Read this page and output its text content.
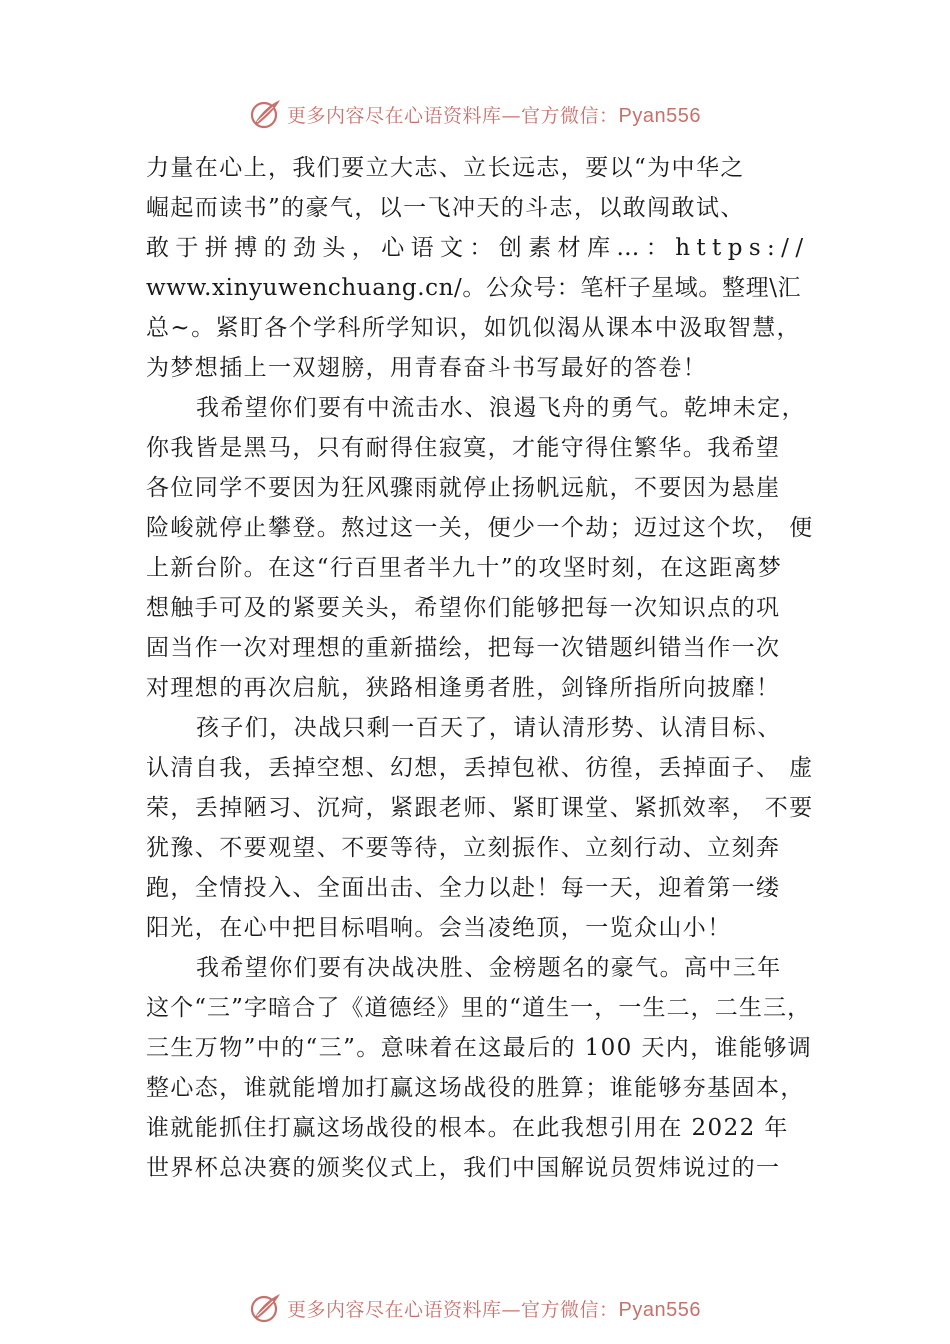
更多内容尽在心语资料库—官方微信：Pyan556
力量在心上，我们要立大志、立长远志，要以“为中华之
崛起而读书”的豪气，以一飞冲天的斗志，以敢闯敢试、
敢于拼搏的劲头，心语文：创素材库…：https://
www.xinyuwenchuang.cn/。公众号：笔杆子星域。整理\汇
总~。紧盯各个学科所学知识，如饥似渴从课本中汲取智慧，
为梦想插上一双翅膀，用青春奋斗书写最好的答卷！
我希望你们要有中流击水、浪遏飞舟的勇气。乾坤未定，
你我皆是黑马，只有耐得住寂寞，才能守得住繁华。我希望
各位同学不要因为狂风骤雨就停止扬帆远航，不要因为悬崖
险峻就停止攀登。熬过这一关，便少一个劫；迈过这个坎， 便
上新台阶。在这“行百里者半九十”的攻坚时刻，在这距离梦
想触手可及的紧要关头，希望你们能够把每一次知识点的巩
固当作一次对理想的重新描绘，把每一次错题纠错当作一次
对理想的再次启航，狭路相逢勇者胜，剑锋所指所向披靡！
孩子们，决战只剩一百天了，请认清形势、认清目标、
认清自我，丢掉空想、幻想，丢掉包袱、彷徨，丢掉面子、 虚
荣，丢掉陋习、沉疴，紧跟老师、紧盯课堂、紧抓效率， 不要
犹豫、不要观望、不要等待，立刻振作、立刻行动、立刻奔
跑，全情投入、全面出击、全力以赴！每一天，迎着第一缕
阳光，在心中把目标唱响。会当凌绝顶，一览众山小！
我希望你们要有决战决胜、金榜题名的豪气。高中三年
这个“三”字暗合了《道德经》里的“道生一，一生二，二生三，
三生万物”中的“三”。意味着在这最后的 100 天内，谁能够调
整心态，谁就能增加打赢这场战役的胜算；谁能够夯基固本，
谁就能抓住打赢这场战役的根本。在此我想引用在 2022 年
世界杯总决赛的颁奖仪式上，我们中国解说员贺炜说过的一
更多内容尽在心语资料库—官方微信：Pyan556
